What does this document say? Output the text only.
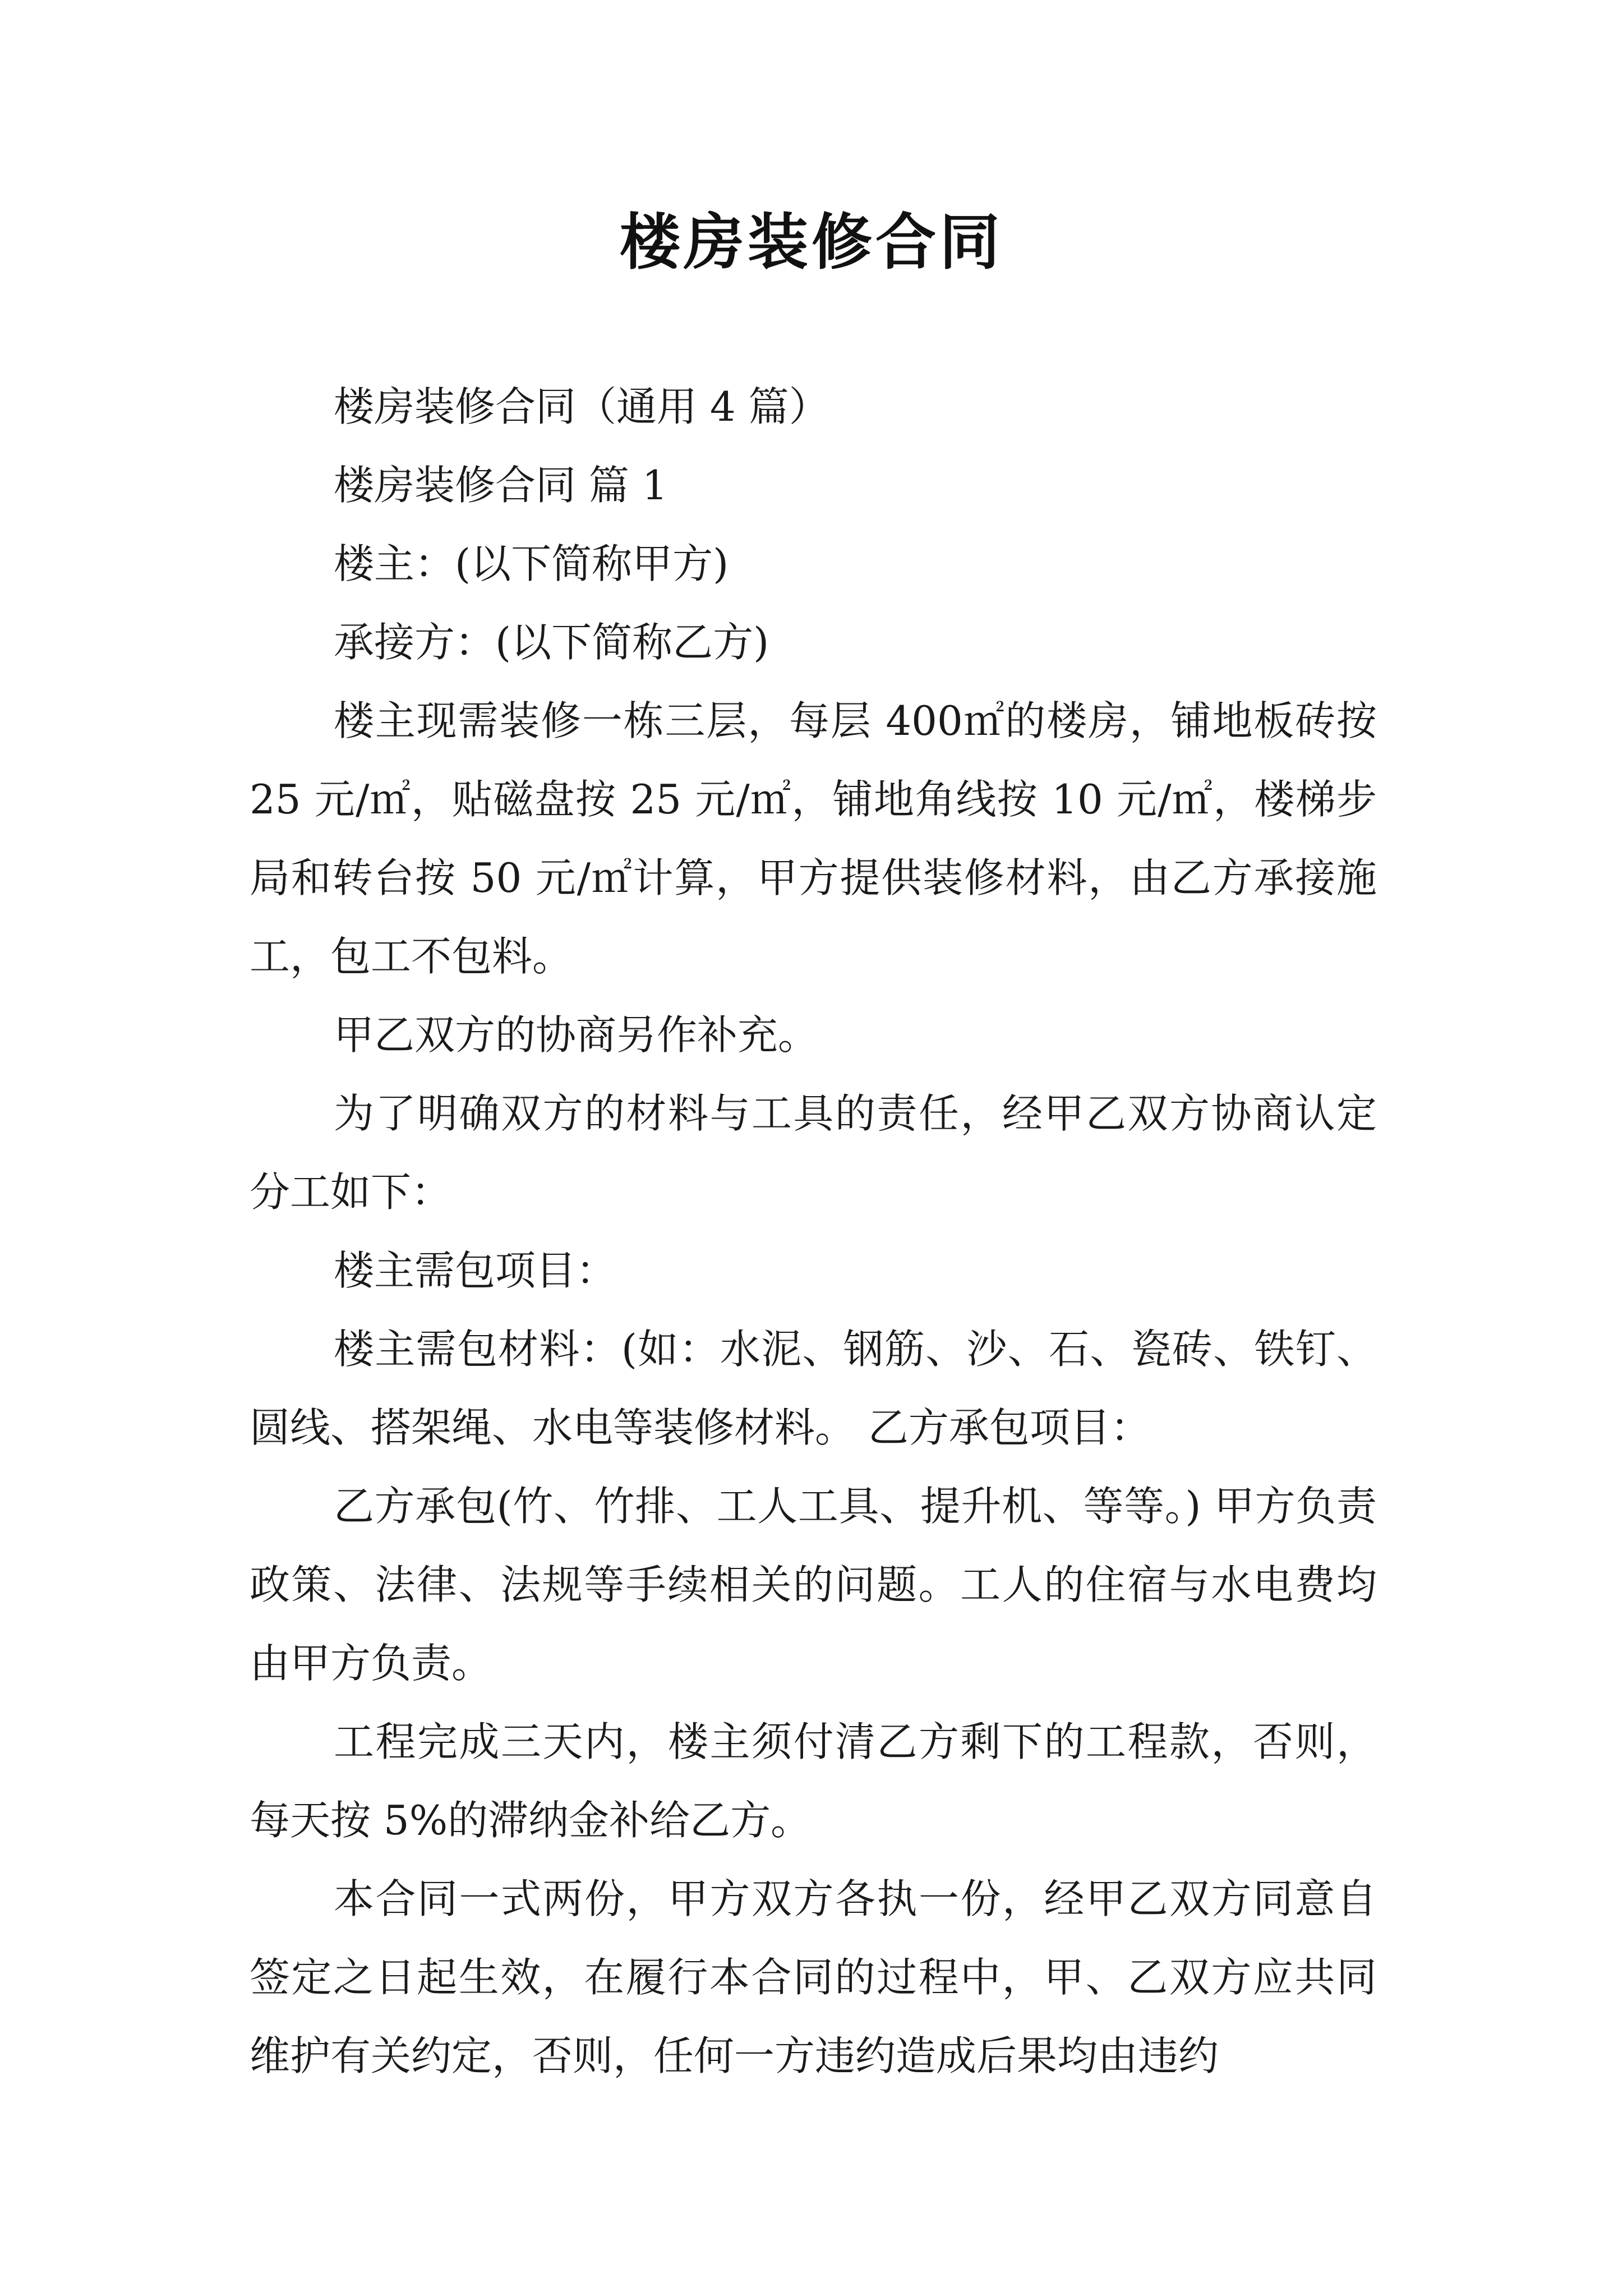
楼房装修合同

楼房装修合同（通用 4 篇）

楼房装修合同 篇 1

楼主：(以下简称甲方)

承接方：(以下简称乙方)

楼主现需装修一栋三层，每层 400㎡的楼房，铺地板砖按 25 元/㎡，贴磁盘按 25 元/㎡，铺地角线按 10 元/㎡，楼梯步局和转台按 50 元/㎡计算，甲方提供装修材料，由乙方承接施工，包工不包料。

甲乙双方的协商另作补充。

为了明确双方的材料与工具的责任，经甲乙双方协商认定分工如下：

楼主需包项目：

楼主需包材料：(如：水泥、钢筋、沙、石、瓷砖、铁钉、圆线、搭架绳、水电等装修材料。 乙方承包项目：

乙方承包(竹、竹排、工人工具、提升机、等等。) 甲方负责政策、法律、法规等手续相关的问题。工人的住宿与水电费均由甲方负责。

工程完成三天内，楼主须付清乙方剩下的工程款，否则，每天按 5%的滞纳金补给乙方。

本合同一式两份，甲方双方各执一份，经甲乙双方同意自签定之日起生效，在履行本合同的过程中，甲、乙双方应共同维护有关约定，否则，任何一方违约造成后果均由违约
